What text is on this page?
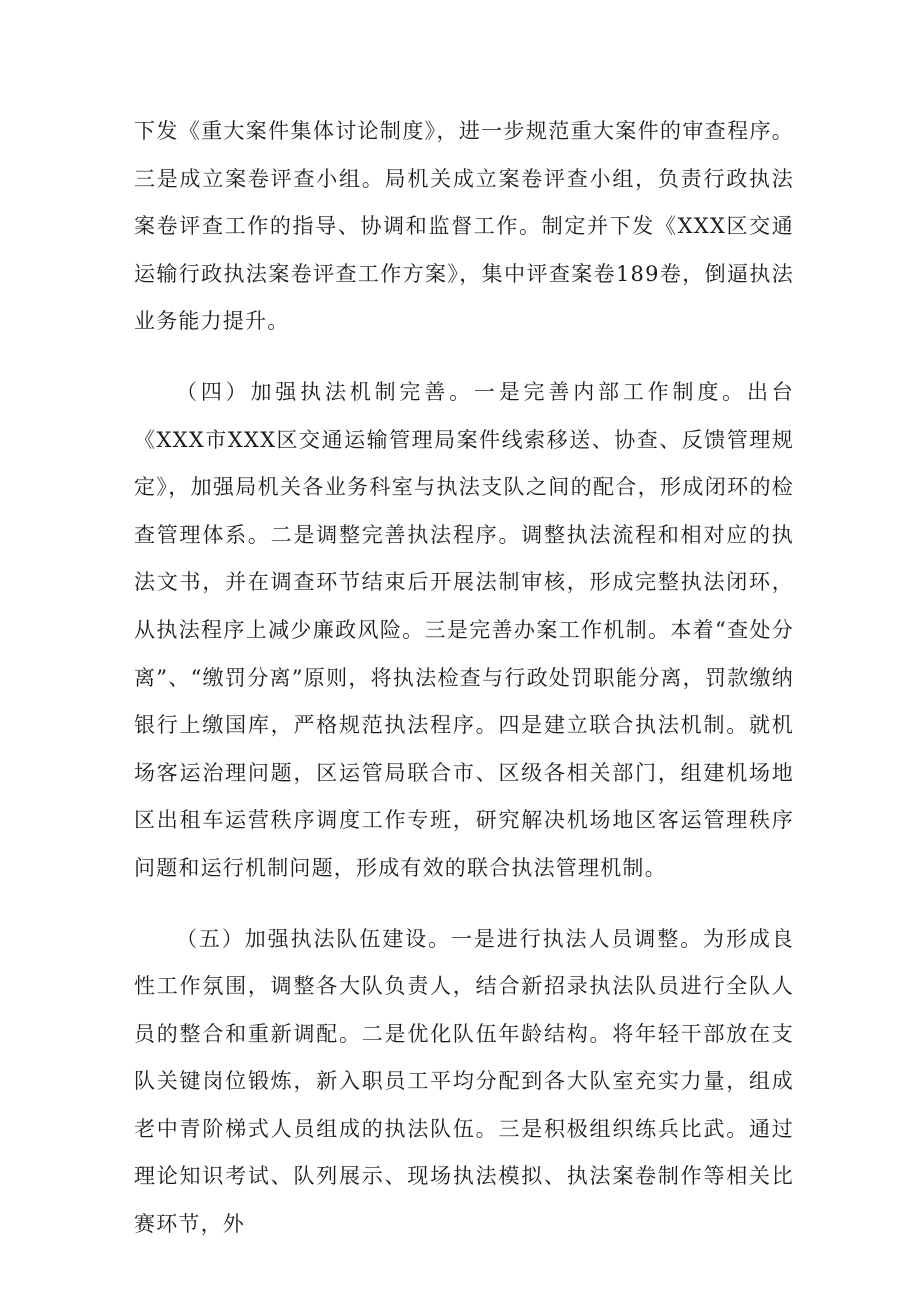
下发《重大案件集体讨论制度》，进一步规范重大案件的审查程序。三是成立案卷评查小组。局机关成立案卷评查小组，负责行政执法案卷评查工作的指导、协调和监督工作。制定并下发《XXX区交通运输行政执法案卷评查工作方案》，集中评查案卷189卷，倒逼执法业务能力提升。

（四）加强执法机制完善。一是完善内部工作制度。出台《XXX市XXX区交通运输管理局案件线索移送、协查、反馈管理规定》，加强局机关各业务科室与执法支队之间的配合，形成闭环的检查管理体系。二是调整完善执法程序。调整执法流程和相对应的执法文书，并在调查环节结束后开展法制审核，形成完整执法闭环，从执法程序上减少廉政风险。三是完善办案工作机制。本着“查处分离”、“缴罚分离”原则，将执法检查与行政处罚职能分离，罚款缴纳银行上缴国库，严格规范执法程序。四是建立联合执法机制。就机场客运治理问题，区运管局联合市、区级各相关部门，组建机场地区出租车运营秩序调度工作专班，研究解决机场地区客运管理秩序问题和运行机制问题，形成有效的联合执法管理机制。

（五）加强执法队伍建设。一是进行执法人员调整。为形成良性工作氛围，调整各大队负责人，结合新招录执法队员进行全队人员的整合和重新调配。二是优化队伍年龄结构。将年轻干部放在支队关键岗位锻炼，新入职员工平均分配到各大队室充实力量，组成老中青阶梯式人员组成的执法队伍。三是积极组织练兵比武。通过理论知识考试、队列展示、现场执法模拟、执法案卷制作等相关比赛环节，外
